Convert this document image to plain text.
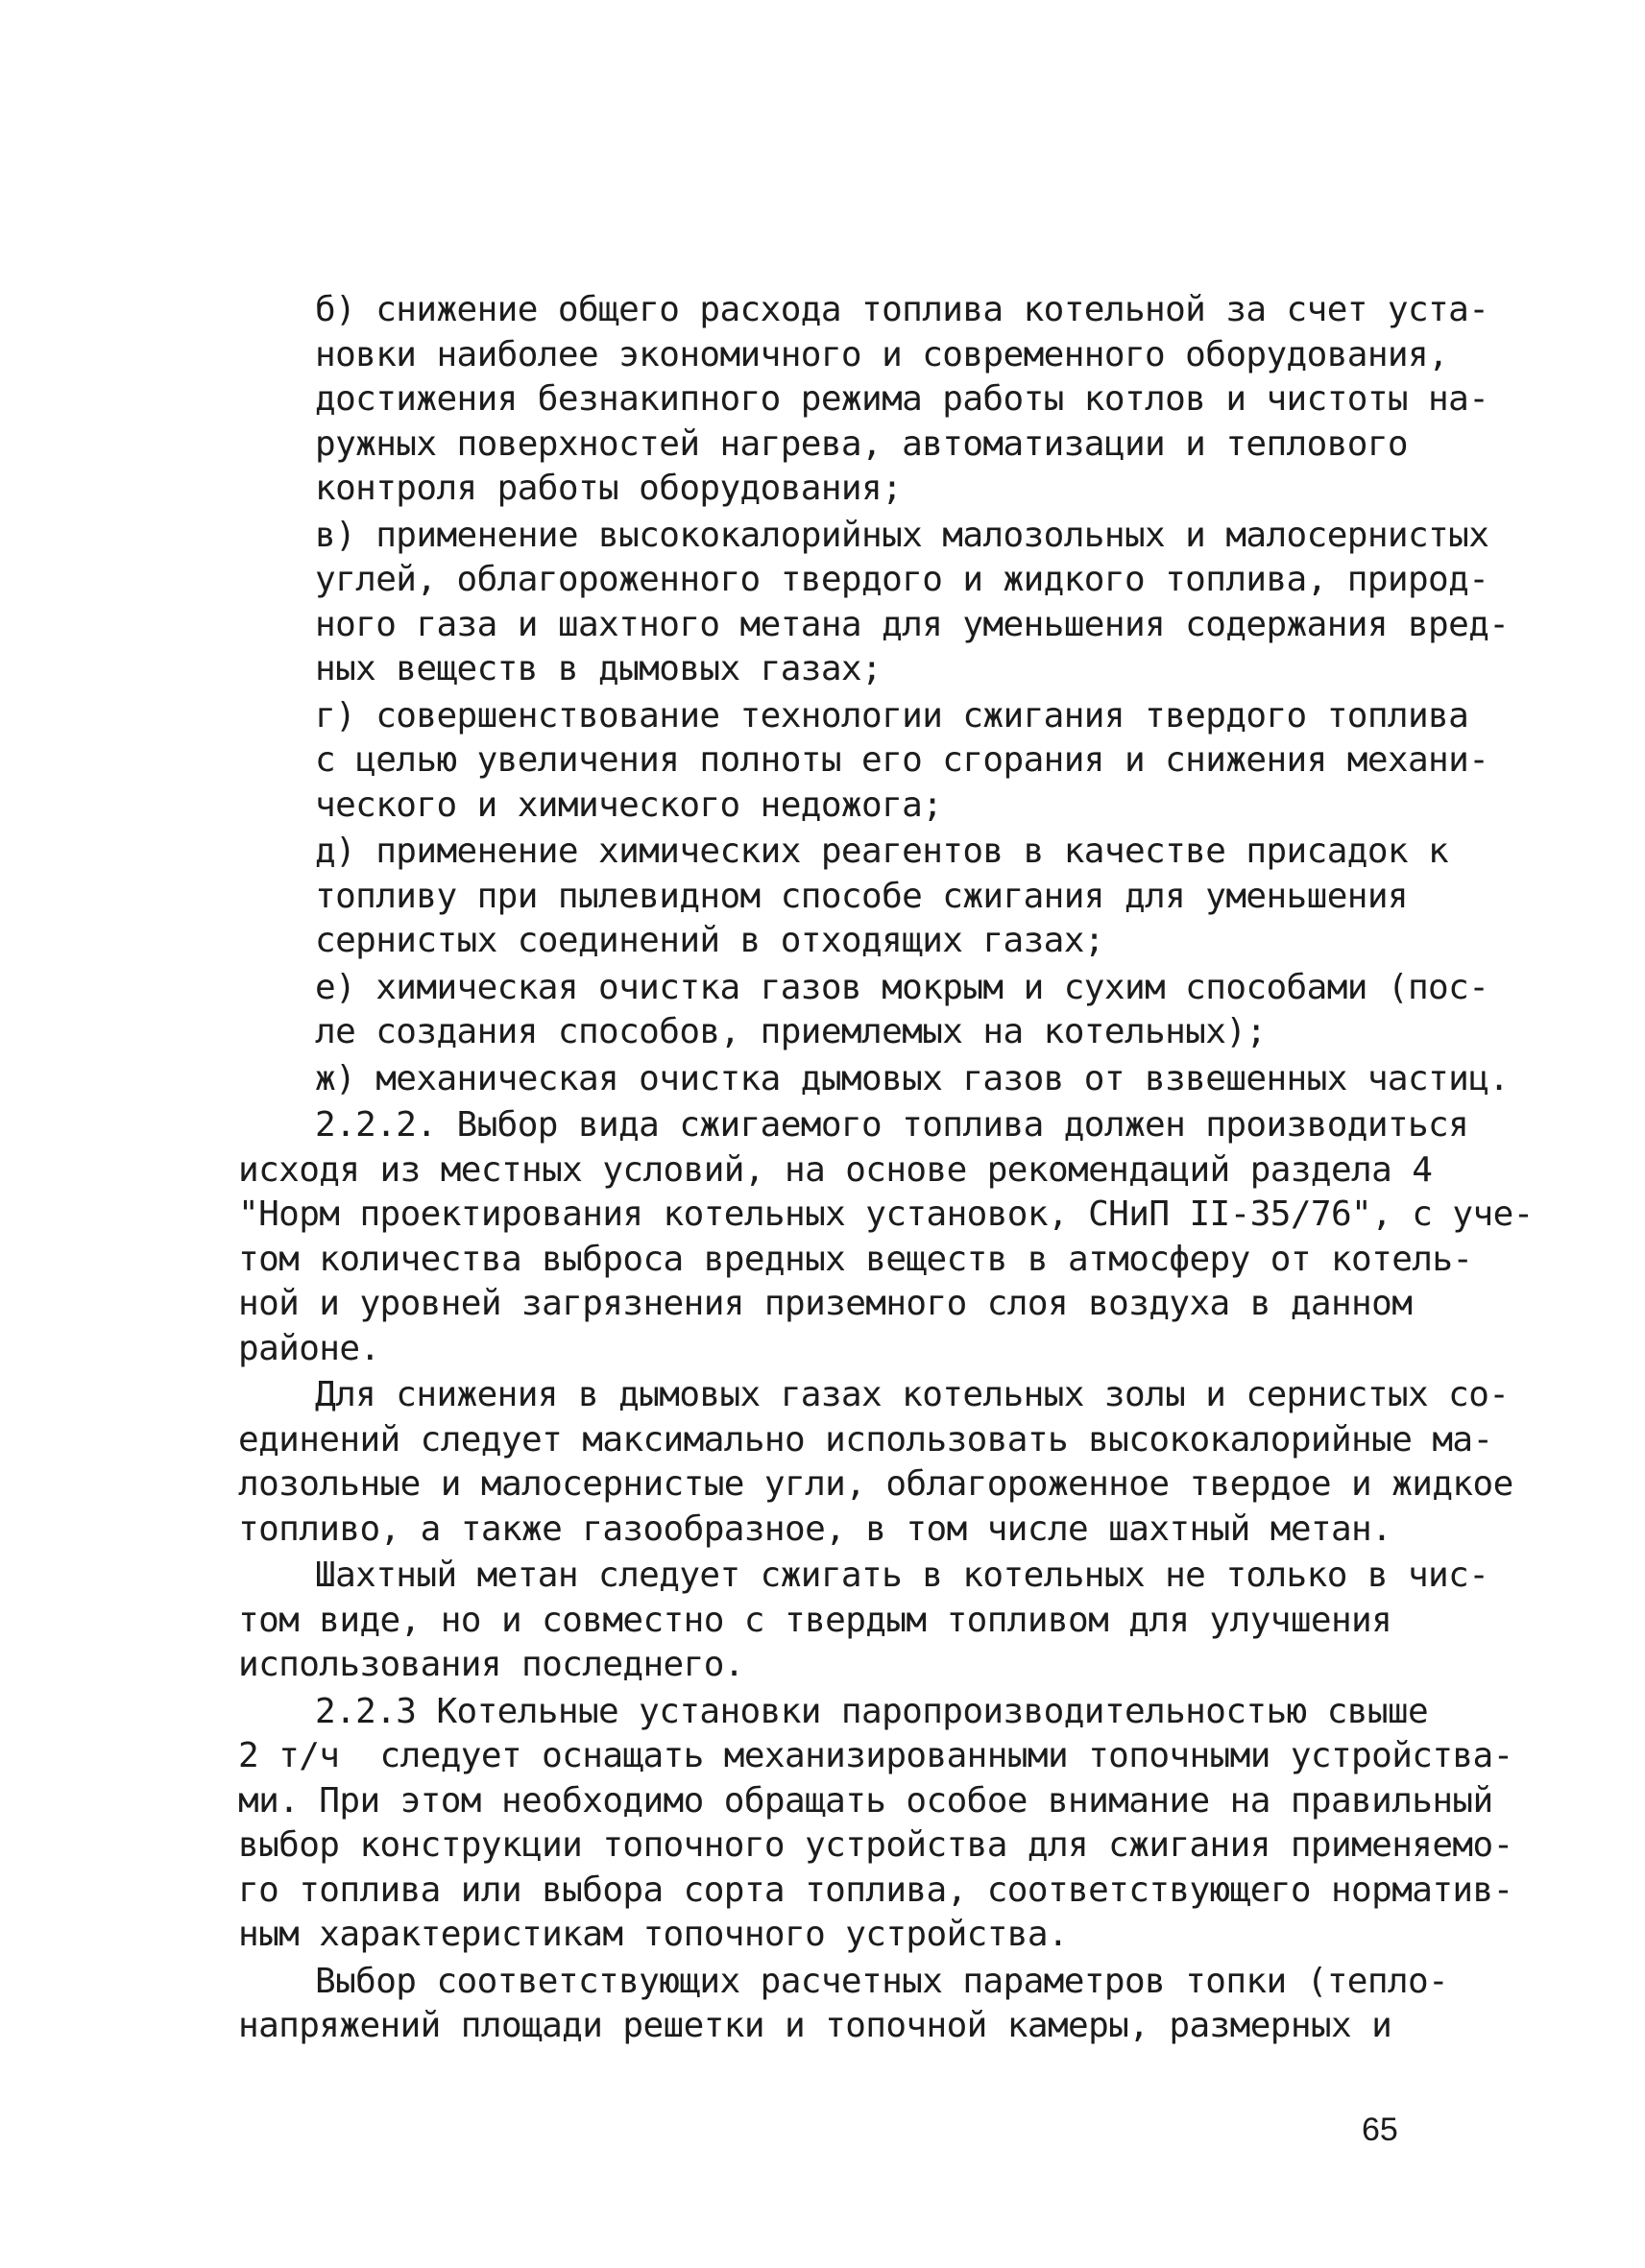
б) снижение общего расхода топлива котельной за счет уста-
новки наиболее экономичного и современного оборудования,
достижения безнакипного режима работы котлов и чистоты на-
ружных поверхностей нагрева, автоматизации и теплового
контроля работы оборудования;
в) применение высококалорийных малозольных и малосернистых
углей, облагороженного твердого и жидкого топлива, природ-
ного газа и шахтного метана для уменьшения содержания вред-
ных веществ в дымовых газах;
г) совершенствование технологии сжигания твердого топлива
с целью увеличения полноты его сгорания и снижения механи-
ческого и химического недожога;
д) применение химических реагентов в качестве присадок к
топливу при пылевидном способе сжигания для уменьшения
сернистых соединений в отходящих газах;
е) химическая очистка газов мокрым и сухим способами (пос-
ле создания способов, приемлемых на котельных);
ж) механическая очистка дымовых газов от взвешенных частиц.
2.2.2. Выбор вида сжигаемого топлива должен производиться
исходя из местных условий, на основе рекомендаций раздела 4
"Норм проектирования котельных установок, СНиП II-35/76", с уче-
том количества выброса вредных веществ в атмосферу от котель-
ной и уровней загрязнения приземного слоя воздуха в данном
районе.
Для снижения в дымовых газах котельных золы и сернистых со-
единений следует максимально использовать высококалорийные ма-
лозольные и малосернистые угли, облагороженное твердое и жидкое
топливо, а также газообразное, в том числе шахтный метан.
Шахтный метан следует сжигать в котельных не только в чис-
том виде, но и совместно с твердым топливом для улучшения
использования последнего.
2.2.3 Котельные установки паропроизводительностью свыше
2 т/ч  следует оснащать механизированными топочными устройства-
ми. При этом необходимо обращать особое внимание на правильный
выбор конструкции топочного устройства для сжигания применяемо-
го топлива или выбора сорта топлива, соответствующего норматив-
ным характеристикам топочного устройства.
Выбор соответствующих расчетных параметров топки (тепло-
напряжений площади решетки и топочной камеры, размерных и
65
